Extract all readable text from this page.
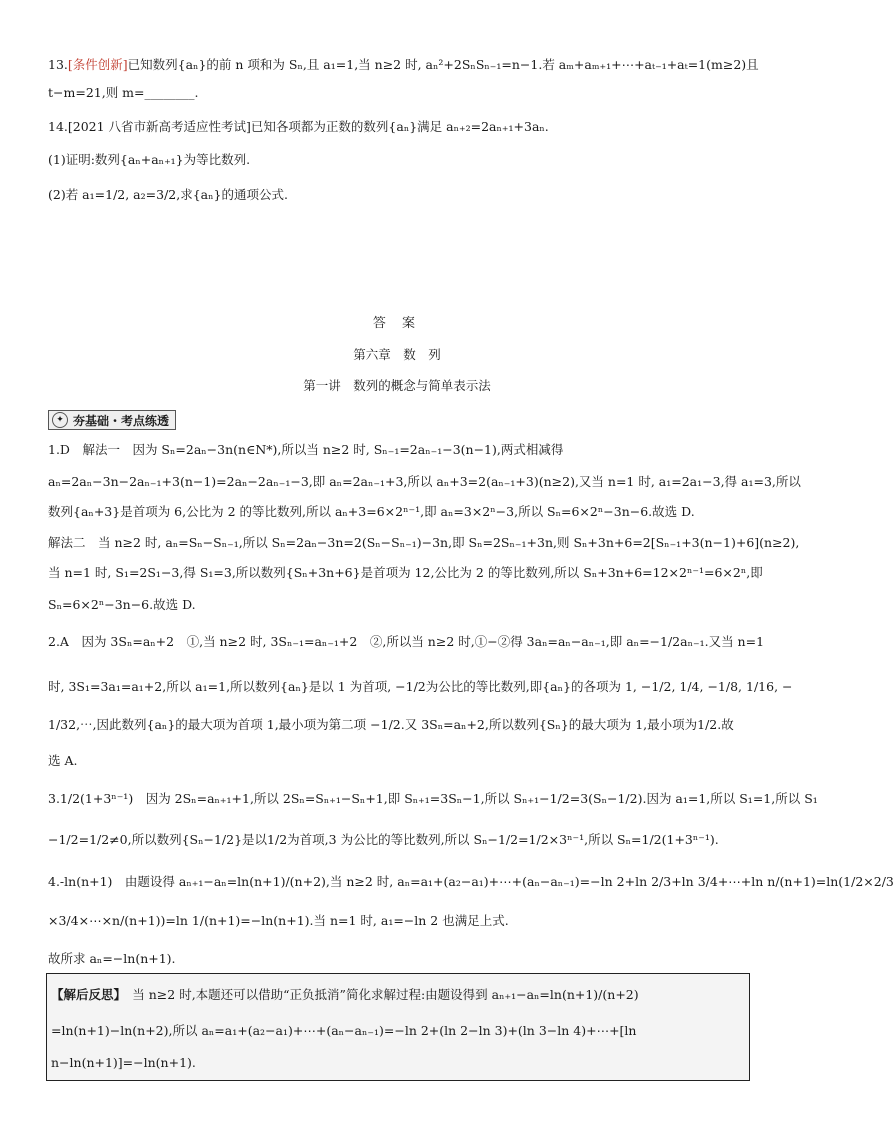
13.[条件创新]已知数列{aₙ}的前 n 项和为 Sₙ,且 a₁=1,当 n≥2 时, aₙ²+2SₙSₙ₋₁=n−1.若 aₘ+aₘ₊₁+⋯+aₜ₋₁+aₜ=1(m≥2)且
t−m=21,则 m=________.
14.[2021 八省市新高考适应性考试]已知各项都为正数的数列{aₙ}满足 aₙ₊₂=2aₙ₊₁+3aₙ.
(1)证明:数列{aₙ+aₙ₊₁}为等比数列.
(2)若 a₁=1/2, a₂=3/2,求{aₙ}的通项公式.
答 案
第六章　数　列
第一讲　数列的概念与简单表示法
✦ 夯基础・考点练透
1.D　解法一　因为 Sₙ=2aₙ−3n(n∈N*),所以当 n≥2 时, Sₙ₋₁=2aₙ₋₁−3(n−1),两式相减得
aₙ=2aₙ−3n−2aₙ₋₁+3(n−1)=2aₙ−2aₙ₋₁−3,即 aₙ=2aₙ₋₁+3,所以 aₙ+3=2(aₙ₋₁+3)(n≥2),又当 n=1 时, a₁=2a₁−3,得 a₁=3,所以
数列{aₙ+3}是首项为 6,公比为 2 的等比数列,所以 aₙ+3=6×2ⁿ⁻¹,即 aₙ=3×2ⁿ−3,所以 Sₙ=6×2ⁿ−3n−6.故选 D.
解法二　当 n≥2 时, aₙ=Sₙ−Sₙ₋₁,所以 Sₙ=2aₙ−3n=2(Sₙ−Sₙ₋₁)−3n,即 Sₙ=2Sₙ₋₁+3n,则 Sₙ+3n+6=2[Sₙ₋₁+3(n−1)+6](n≥2),
当 n=1 时, S₁=2S₁−3,得 S₁=3,所以数列{Sₙ+3n+6}是首项为 12,公比为 2 的等比数列,所以 Sₙ+3n+6=12×2ⁿ⁻¹=6×2ⁿ,即
Sₙ=6×2ⁿ−3n−6.故选 D.
2.A　因为 3Sₙ=aₙ+2　①,当 n≥2 时, 3Sₙ₋₁=aₙ₋₁+2　②,所以当 n≥2 时,①−②得 3aₙ=aₙ−aₙ₋₁,即 aₙ=−1/2aₙ₋₁.又当 n=1
时, 3S₁=3a₁=a₁+2,所以 a₁=1,所以数列{aₙ}是以 1 为首项, −1/2为公比的等比数列,即{aₙ}的各项为 1, −1/2, 1/4, −1/8, 1/16, −
1/32,⋯,因此数列{aₙ}的最大项为首项 1,最小项为第二项 −1/2.又 3Sₙ=aₙ+2,所以数列{Sₙ}的最大项为 1,最小项为1/2.故
选 A.
3.1/2(1+3ⁿ⁻¹)　因为 2Sₙ=aₙ₊₁+1,所以 2Sₙ=Sₙ₊₁−Sₙ+1,即 Sₙ₊₁=3Sₙ−1,所以 Sₙ₊₁−1/2=3(Sₙ−1/2).因为 a₁=1,所以 S₁=1,所以 S₁
−1/2=1/2≠0,所以数列{Sₙ−1/2}是以1/2为首项,3 为公比的等比数列,所以 Sₙ−1/2=1/2×3ⁿ⁻¹,所以 Sₙ=1/2(1+3ⁿ⁻¹).
4.-ln(n+1)　由题设得 aₙ₊₁−aₙ=ln(n+1)/(n+2),当 n≥2 时, aₙ=a₁+(a₂−a₁)+⋯+(aₙ−aₙ₋₁)=−ln 2+ln 2/3+ln 3/4+⋯+ln n/(n+1)=ln(1/2×2/3
×3/4×⋯×n/(n+1))=ln 1/(n+1)=−ln(n+1).当 n=1 时, a₁=−ln 2 也满足上式.
故所求 aₙ=−ln(n+1).
【解后反思】　当 n≥2 时,本题还可以借助“正负抵消”简化求解过程:由题设得到 aₙ₊₁−aₙ=ln(n+1)/(n+2)
=ln(n+1)−ln(n+2),所以 aₙ=a₁+(a₂−a₁)+⋯+(aₙ−aₙ₋₁)=−ln 2+(ln 2−ln 3)+(ln 3−ln 4)+⋯+[ln
n−ln(n+1)]=−ln(n+1).
